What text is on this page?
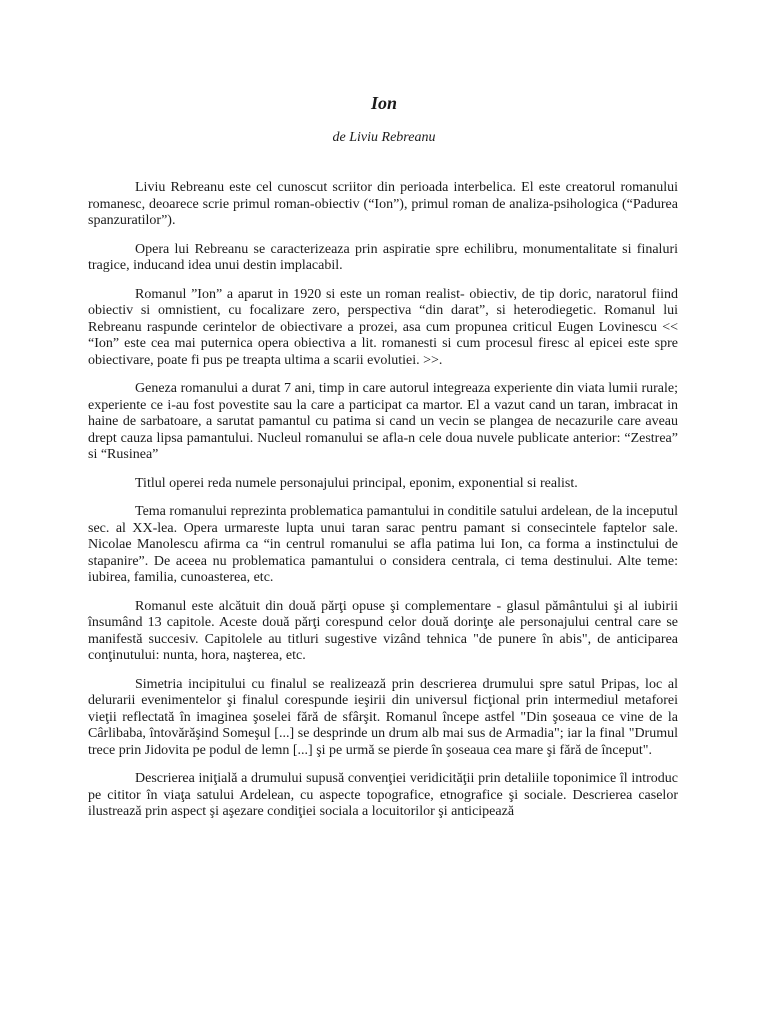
Ion

de Liviu Rebreanu

Liviu Rebreanu este cel cunoscut scriitor din perioada interbelica. El este creatorul romanului romanesc, deoarece scrie primul roman-obiectiv (“Ion”), primul roman de analiza-psihologica (“Padurea spanzuratilor”).

Opera lui Rebreanu se caracterizeaza prin aspiratie spre echilibru, monumentalitate si finaluri tragice, inducand idea unui destin implacabil.

Romanul ”Ion” a aparut in 1920 si este un roman realist- obiectiv, de tip doric, naratorul fiind obiectiv si omnistient, cu focalizare zero, perspectiva “din darat”, si heterodiegetic. Romanul lui Rebreanu raspunde cerintelor de obiectivare a prozei, asa cum propunea criticul Eugen Lovinescu << “Ion” este cea mai puternica opera obiectiva a lit. romanesti si cum procesul firesc al epicei este spre obiectivare, poate fi pus pe treapta ultima a scarii evolutiei. >>.

Geneza romanului a durat 7 ani, timp in care autorul integreaza experiente din viata lumii rurale; experiente ce i-au fost povestite sau la care a participat ca martor. El a vazut cand un taran, imbracat in haine de sarbatoare, a sarutat pamantul cu patima si cand un vecin se plangea de necazurile care aveau drept cauza lipsa pamantului. Nucleul romanului se afla-n cele doua nuvele publicate anterior: “Zestrea” si “Rusinea”

Titlul operei reda numele personajului principal, eponim, exponential si realist.

Tema romanului reprezinta problematica pamantului in conditile satului ardelean, de la inceputul sec. al XX-lea. Opera urmareste lupta unui taran sarac pentru pamant si consecintele faptelor sale. Nicolae Manolescu afirma ca “in centrul romanului se afla patima lui Ion, ca forma a instinctului de stapanire”. De aceea nu problematica pamantului o considera centrala, ci tema destinului. Alte teme: iubirea, familia, cunoasterea, etc.

Romanul este alcătuit din două părţi opuse şi complementare - glasul pământului şi al iubirii însumând 13 capitole. Aceste două părţi corespund celor două dorinţe ale personajului central care se manifestă succesiv. Capitolele au titluri sugestive vizând tehnica "de punere în abis", de anticiparea conţinutului: nunta, hora, naşterea, etc.

Simetria incipitului cu finalul se realizează prin descrierea drumului spre satul Pripas, loc al delurarii evenimentelor şi finalul corespunde ieşirii din universul ficţional prin intermediul metaforei vieţii reflectată în imaginea şoselei fără de sfârşit. Romanul începe astfel "Din şoseaua ce vine de la Cârlibaba, întovărăşind Someşul [...] se desprinde un drum alb mai sus de Armadia"; iar la final "Drumul trece prin Jidovita pe podul de lemn [...] şi pe urmă se pierde în şoseaua cea mare şi fără de început".

Descrierea iniţială a drumului supusă convenţiei veridicităţii prin detaliile toponimice îl introduc pe cititor în viaţa satului Ardelean, cu aspecte topografice, etnografice şi sociale. Descrierea caselor ilustrează prin aspect şi aşezare condiţiei sociala a locuitorilor şi anticipează
